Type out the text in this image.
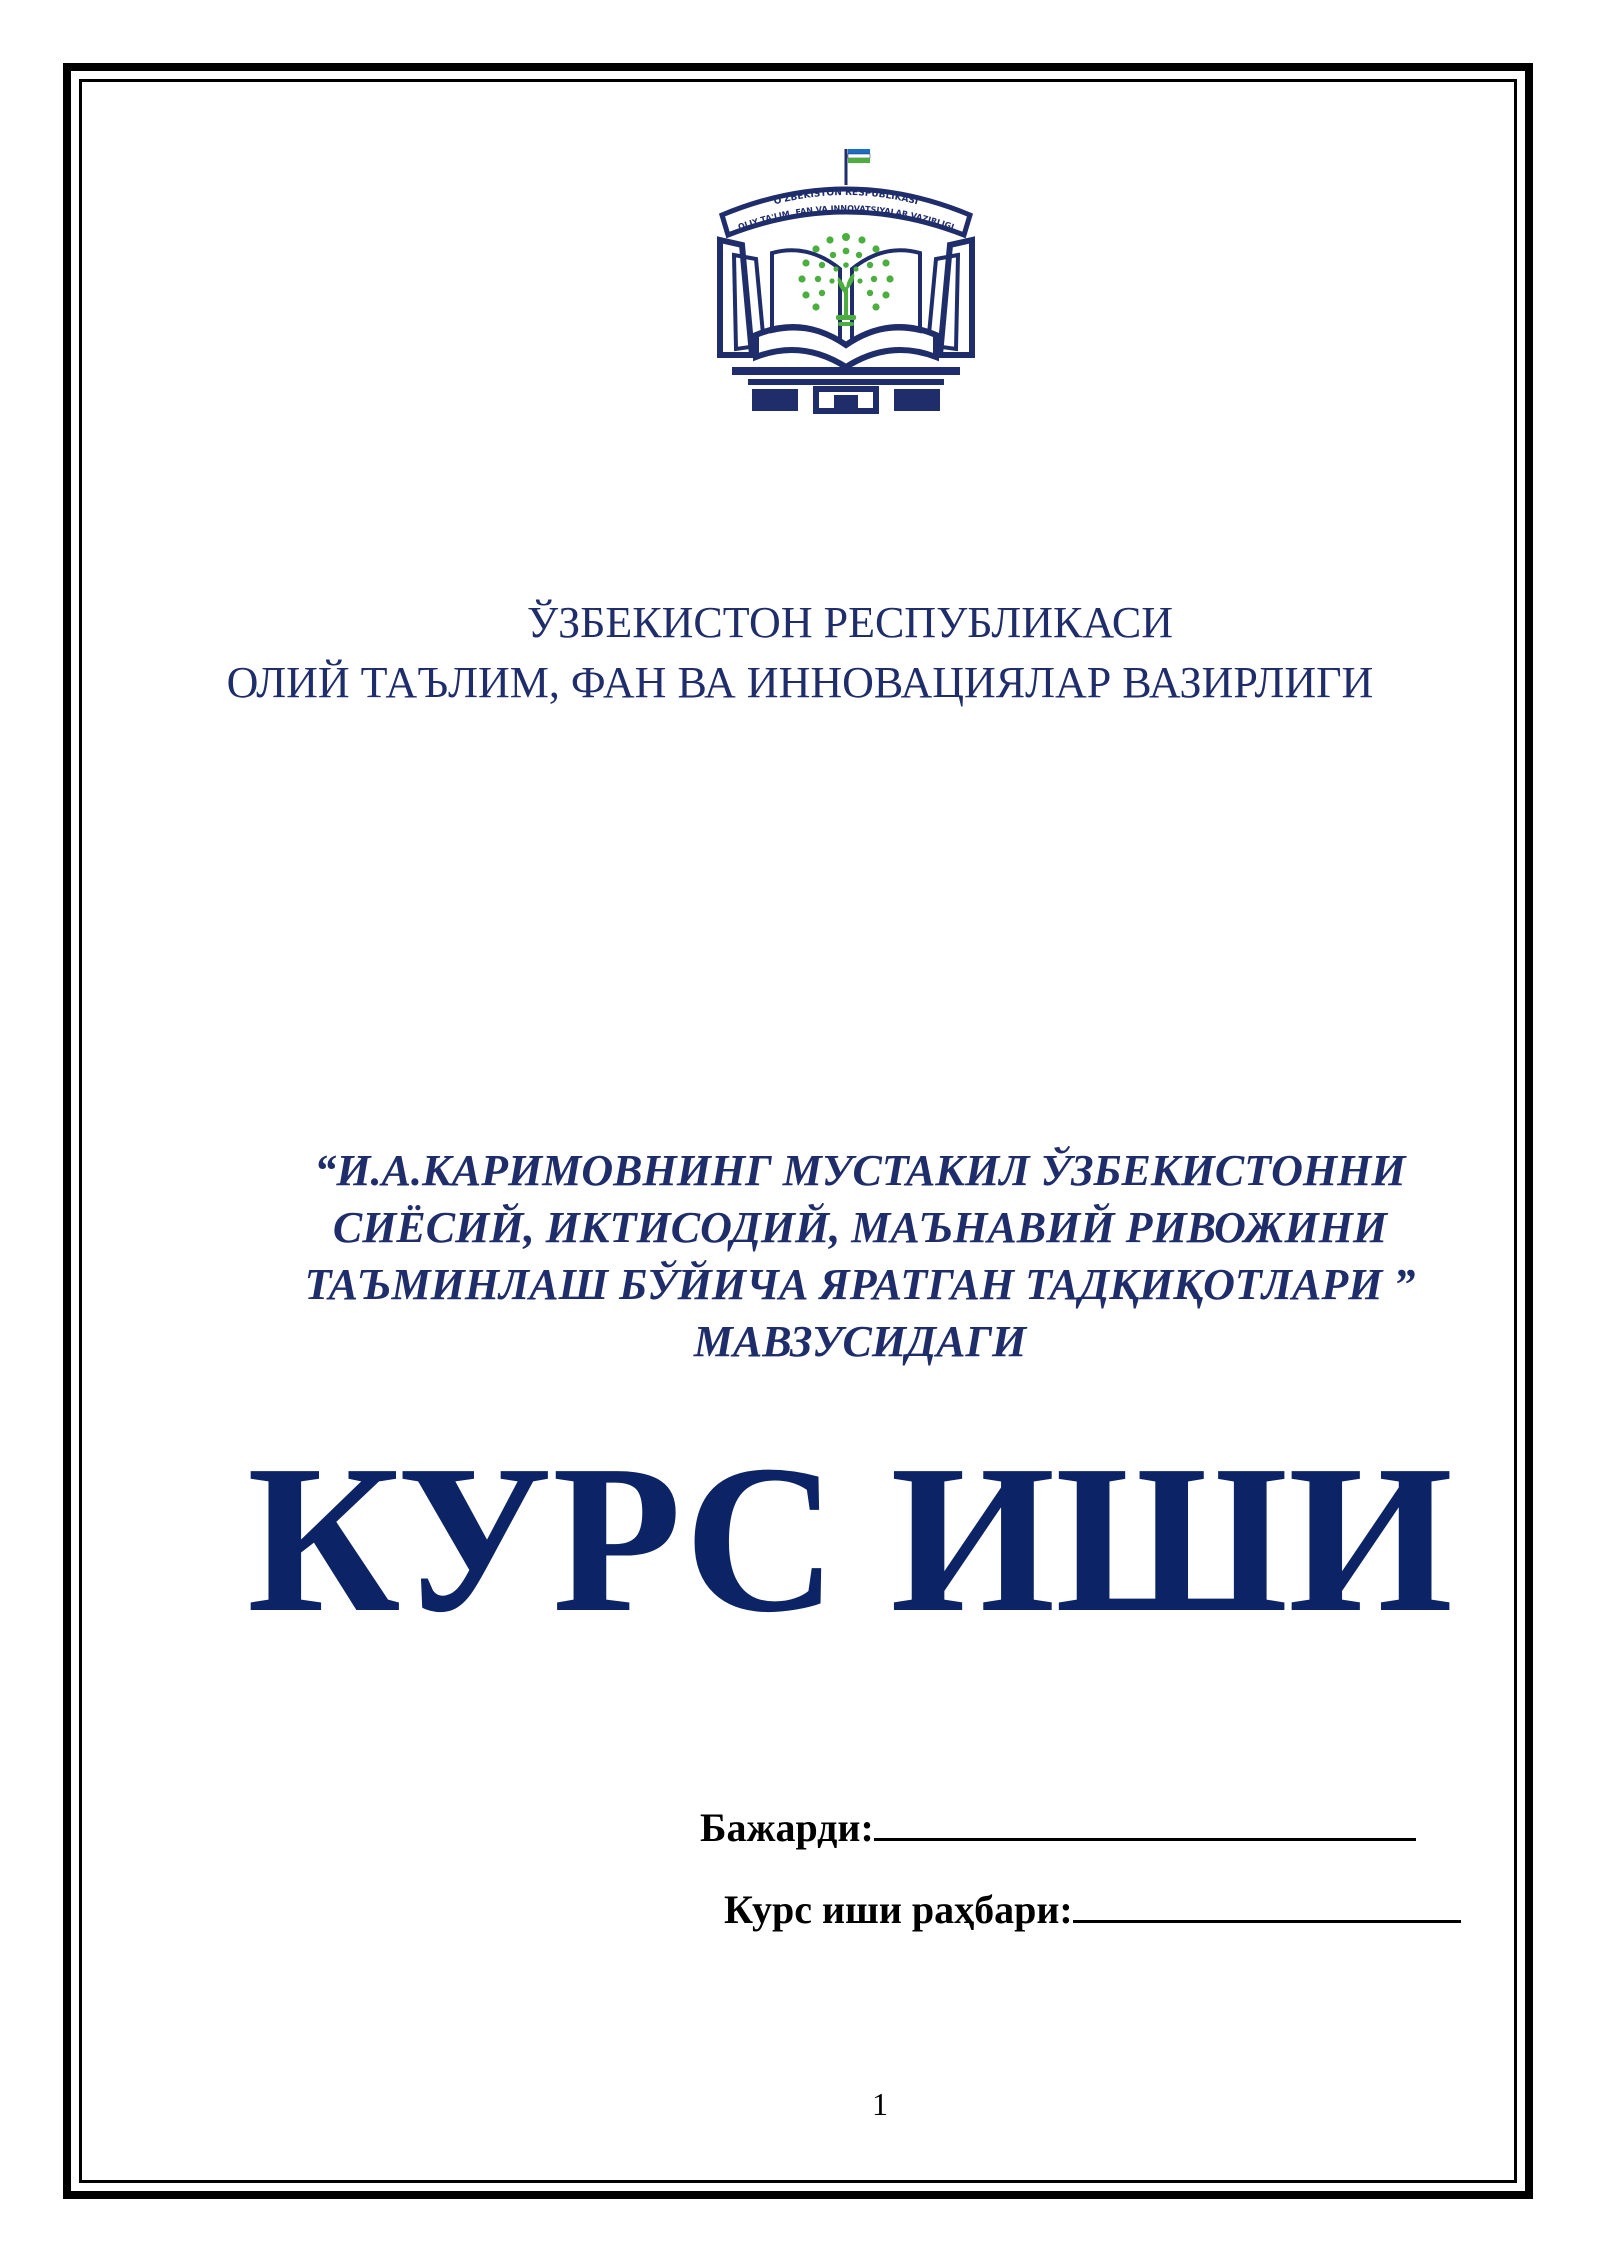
O'ZBEKISTON RESPUBLIKASI
OLIY TA'LIM, FAN VA INNOVATSIYALAR VAZIRLIGI
ЎЗБЕКИСТОН РЕСПУБЛИКАСИ
ОЛИЙ ТАЪЛИМ, ФАН ВА ИННОВАЦИЯЛАР ВАЗИРЛИГИ
“И.А.КАРИМОВНИНГ МУСТАКИЛ ЎЗБЕКИСТОННИ
СИЁСИЙ, ИКТИСОДИЙ, МАЪНАВИЙ РИВОЖИНИ
ТАЪМИНЛАШ БЎЙИЧА ЯРАТГАН ТАДҚИҚОТЛАРИ ”
МАВЗУСИДАГИ
КУРС ИШИ
Бажарди:
Курс иши раҳбари:
1
